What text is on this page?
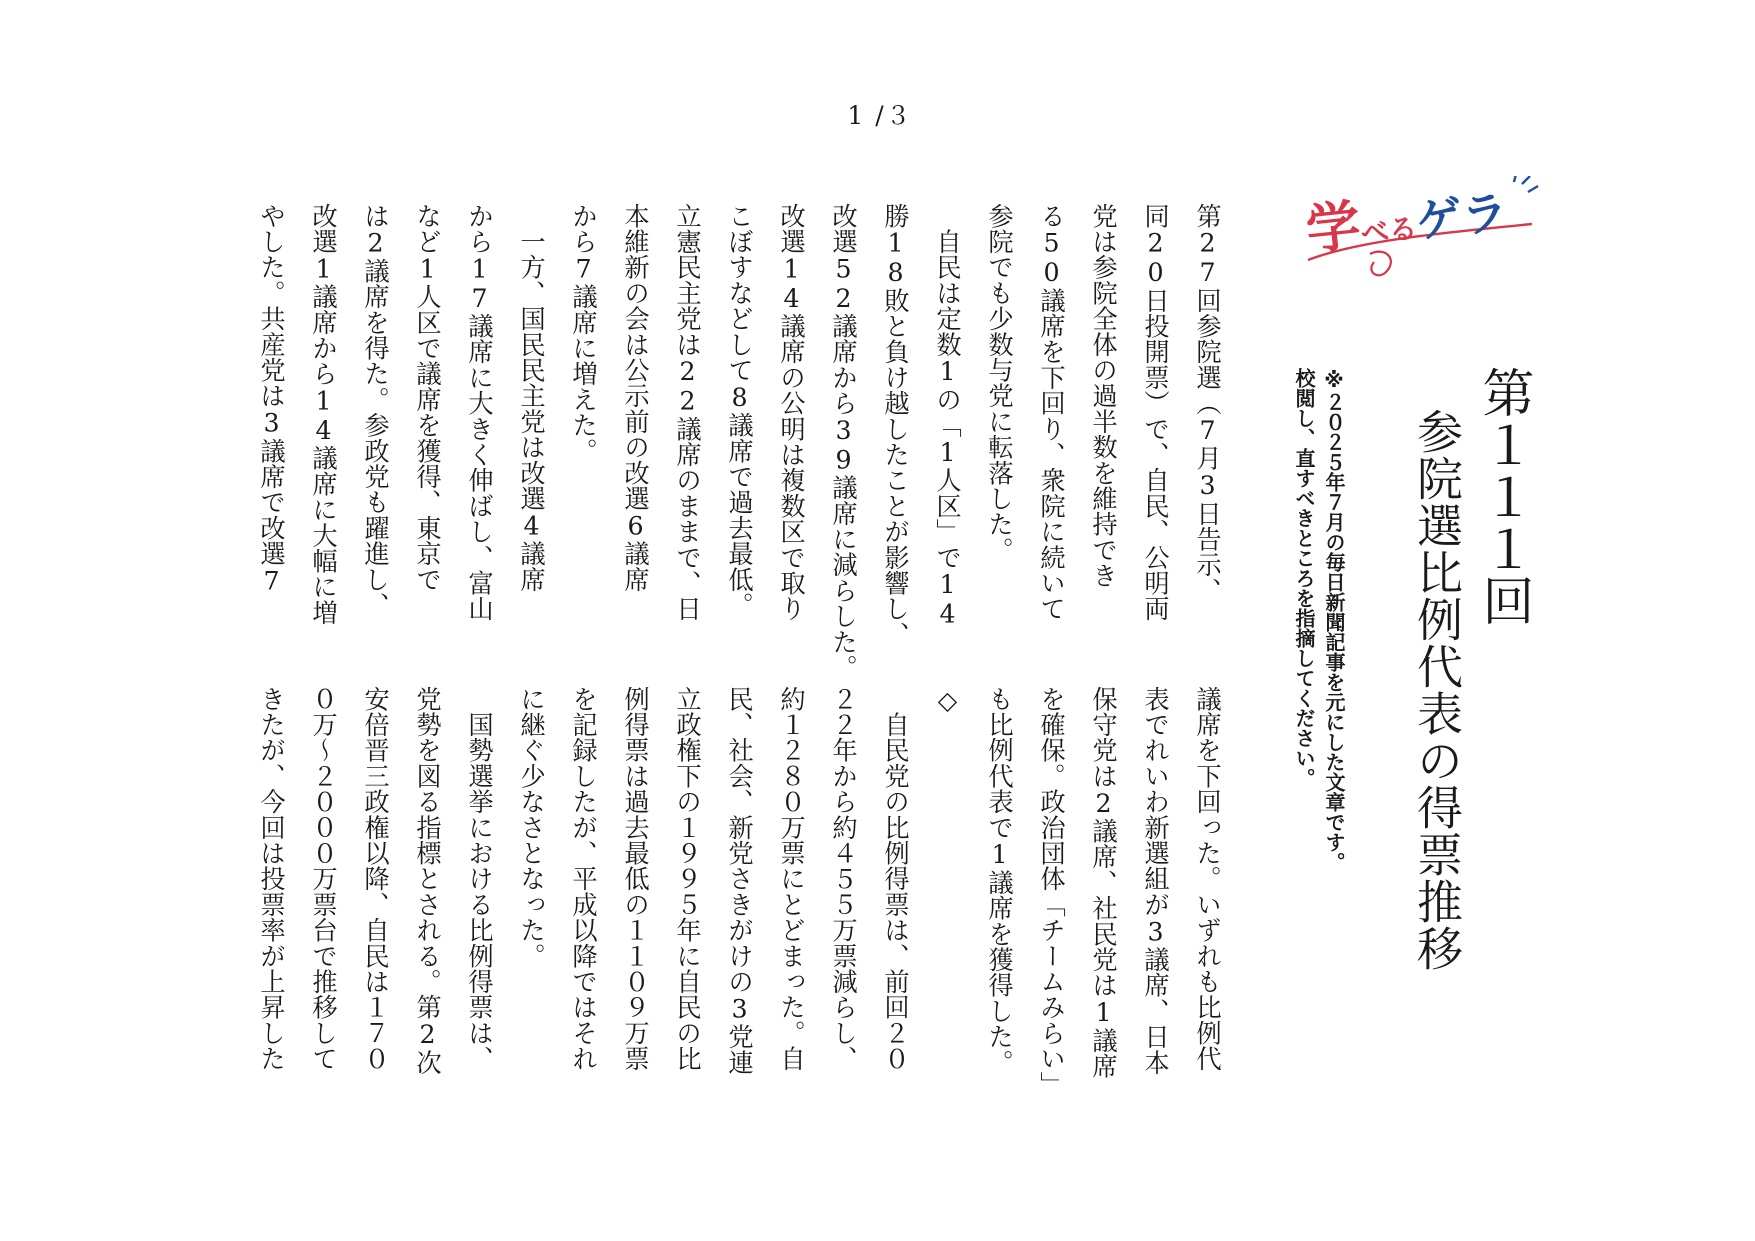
1 /３
学べるゲラ
第１１１回
参院選比例代表の得票推移

※２０２５年７月の毎日新聞記事を元にした文章です。
校閲し、直すべきところを指摘してください。

第27回参院選（7月3日告示、
同20日投開票）で、自民、公明両
党は参院全体の過半数を維持でき
る50議席を下回り、衆院に続いて
参院でも少数与党に転落した。
　自民は定数1の「1人区」で14
勝18敗と負け越したことが影響し、
改選52議席から39議席に減らした。
改選14議席の公明は複数区で取り
こぼすなどして8議席で過去最低。
立憲民主党は22議席のままで、日
本維新の会は公示前の改選6議席
から7議席に増えた。
　一方、国民民主党は改選4議席
から17議席に大きく伸ばし、富山
など1人区で議席を獲得、東京で
は2議席を得た。参政党も躍進し、
改選1議席から14議席に大幅に増
やした。共産党は3議席で改選7
議席を下回った。いずれも比例代
表でれいわ新選組が3議席、日本
保守党は2議席、社民党は1議席
を確保。政治団体「チームみらい」
も比例代表で1議席を獲得した。
◇
　自民党の比例得票は、前回２０
２２年から約４５５万票減らし、
約１２８０万票にとどまった。自
民、社会、新党さきがけの3党連
立政権下の１９９５年に自民の比
例得票は過去最低の１１０９万票
を記録したが、平成以降ではそれ
に継ぐ少なさとなった。
　国勢選挙における比例得票は、
党勢を図る指標とされる。第2次
安倍晋三政権以降、自民は１７０
０万～２０００万票台で推移して
きたが、今回は投票率が上昇した
